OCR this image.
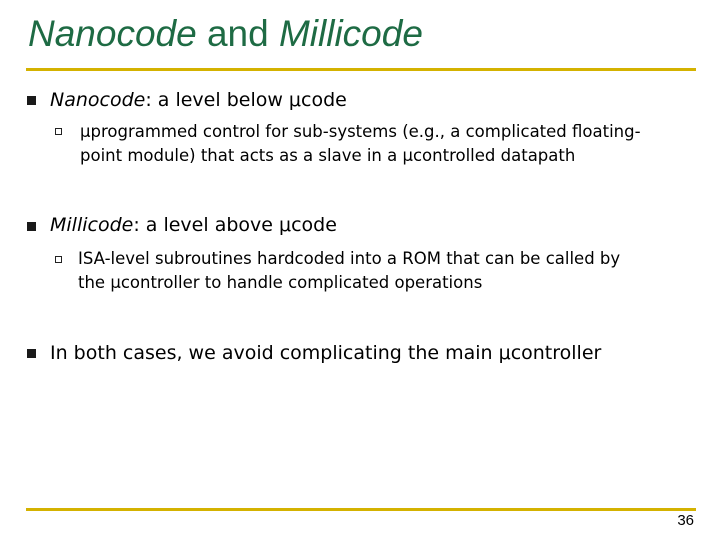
Nanocode and Millicode
Nanocode: a level below μcode
μprogrammed control for sub-systems (e.g., a complicated floating-
point module) that acts as a slave in a μcontrolled datapath
Millicode: a level above μcode
ISA-level subroutines hardcoded into a ROM that can be called by
the μcontroller to handle complicated operations
In both cases, we avoid complicating the main μcontroller
36
